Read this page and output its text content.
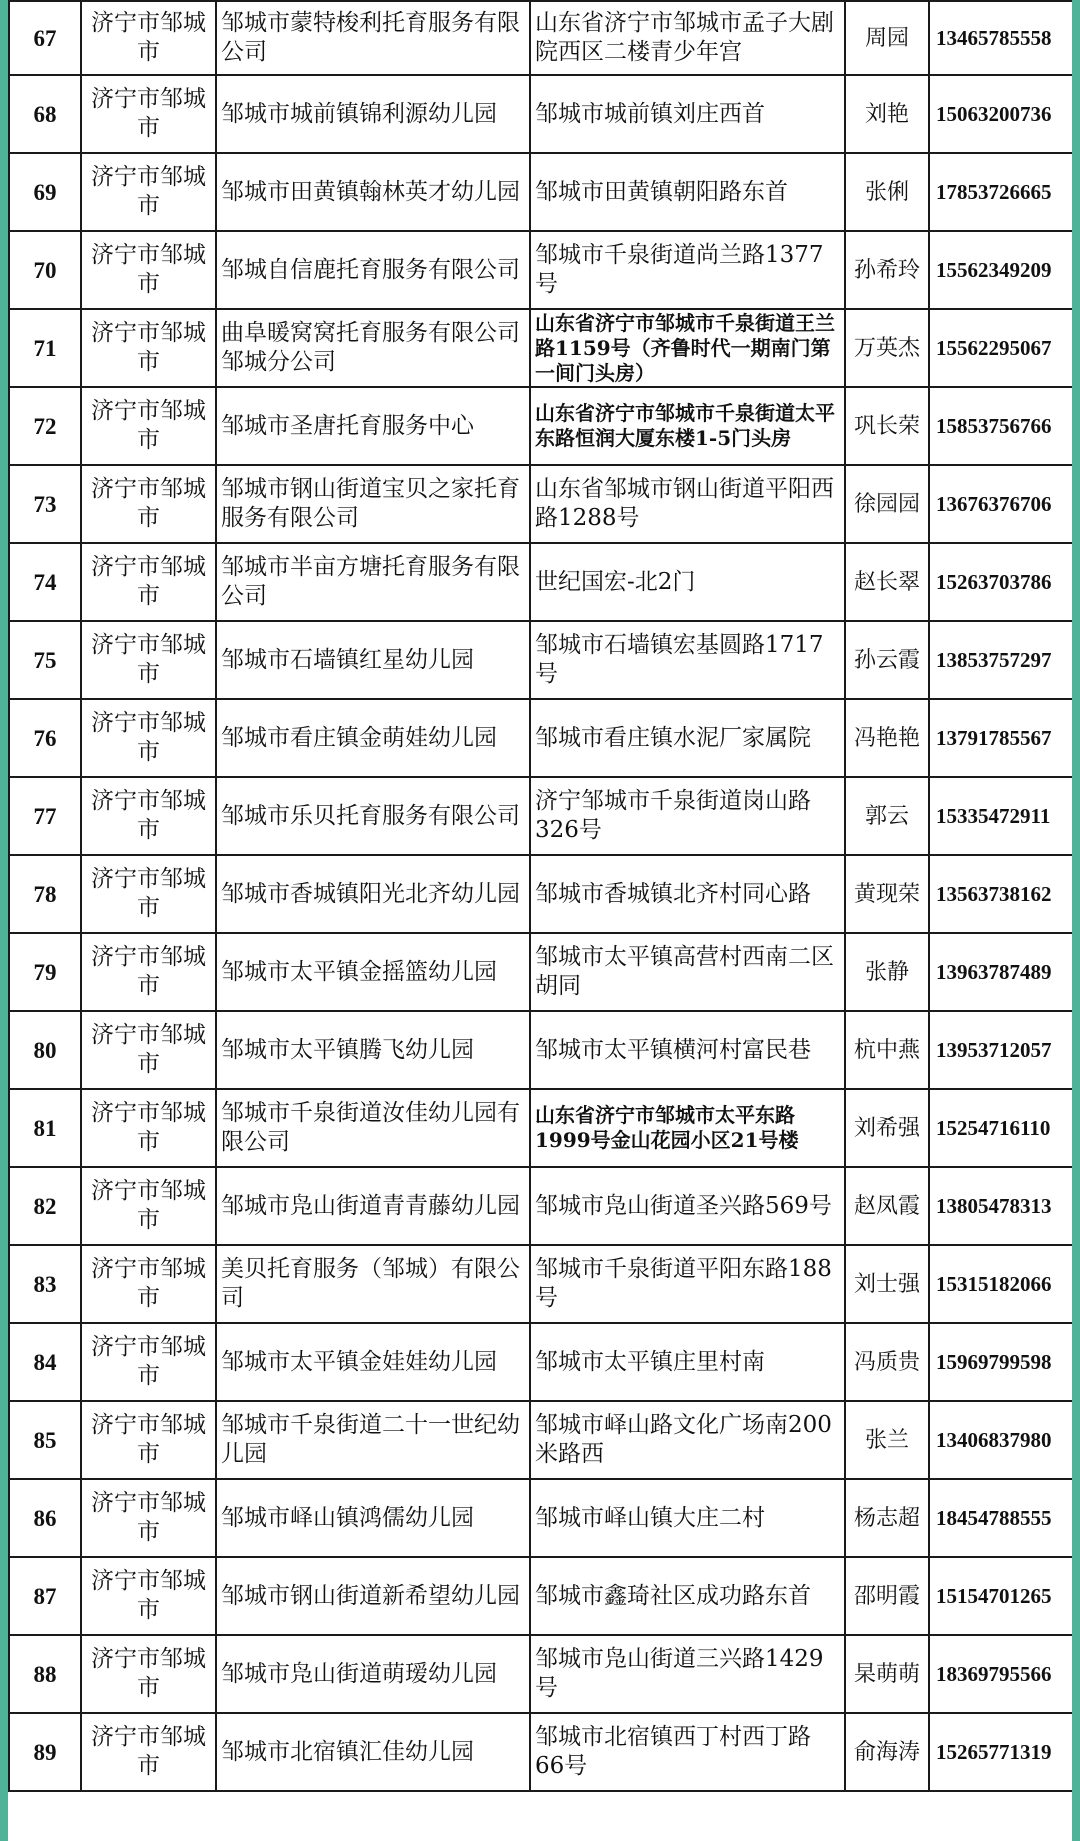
67	济宁市邹城市	邹城市蒙特梭利托育服务有限公司	山东省济宁市邹城市孟子大剧院西区二楼青少年宫	周园	13465785558
68	济宁市邹城市	邹城市城前镇锦利源幼儿园	邹城市城前镇刘庄西首	刘艳	15063200736
69	济宁市邹城市	邹城市田黄镇翰林英才幼儿园	邹城市田黄镇朝阳路东首	张俐	17853726665
70	济宁市邹城市	邹城自信鹿托育服务有限公司	邹城市千泉街道尚兰路1377号	孙希玲	15562349209
71	济宁市邹城市	曲阜暖窝窝托育服务有限公司邹城分公司	山东省济宁市邹城市千泉街道王兰路1159号（齐鲁时代一期南门第一间门头房）	万英杰	15562295067
72	济宁市邹城市	邹城市圣唐托育服务中心	山东省济宁市邹城市千泉街道太平东路恒润大厦东楼1-5门头房	巩长荣	15853756766
73	济宁市邹城市	邹城市钢山街道宝贝之家托育服务有限公司	山东省邹城市钢山街道平阳西路1288号	徐园园	13676376706
74	济宁市邹城市	邹城市半亩方塘托育服务有限公司	世纪国宏-北2门	赵长翠	15263703786
75	济宁市邹城市	邹城市石墙镇红星幼儿园	邹城市石墙镇宏基圆路1717号	孙云霞	13853757297
76	济宁市邹城市	邹城市看庄镇金萌娃幼儿园	邹城市看庄镇水泥厂家属院	冯艳艳	13791785567
77	济宁市邹城市	邹城市乐贝托育服务有限公司	济宁邹城市千泉街道岗山路326号	郭云	15335472911
78	济宁市邹城市	邹城市香城镇阳光北齐幼儿园	邹城市香城镇北齐村同心路	黄现荣	13563738162
79	济宁市邹城市	邹城市太平镇金摇篮幼儿园	邹城市太平镇高营村西南二区胡同	张静	13963787489
80	济宁市邹城市	邹城市太平镇腾飞幼儿园	邹城市太平镇横河村富民巷	杭中燕	13953712057
81	济宁市邹城市	邹城市千泉街道汝佳幼儿园有限公司	山东省济宁市邹城市太平东路1999号金山花园小区21号楼	刘希强	15254716110
82	济宁市邹城市	邹城市凫山街道青青藤幼儿园	邹城市凫山街道圣兴路569号	赵凤霞	13805478313
83	济宁市邹城市	美贝托育服务（邹城）有限公司	邹城市千泉街道平阳东路188号	刘士强	15315182066
84	济宁市邹城市	邹城市太平镇金娃娃幼儿园	邹城市太平镇庄里村南	冯质贵	15969799598
85	济宁市邹城市	邹城市千泉街道二十一世纪幼儿园	邹城市峄山路文化广场南200米路西	张兰	13406837980
86	济宁市邹城市	邹城市峄山镇鸿儒幼儿园	邹城市峄山镇大庄二村	杨志超	18454788555
87	济宁市邹城市	邹城市钢山街道新希望幼儿园	邹城市鑫琦社区成功路东首	邵明霞	15154701265
88	济宁市邹城市	邹城市凫山街道萌瑷幼儿园	邹城市凫山街道三兴路1429号	杲萌萌	18369795566
89	济宁市邹城市	邹城市北宿镇汇佳幼儿园	邹城市北宿镇西丁村西丁路66号	俞海涛	15265771319
